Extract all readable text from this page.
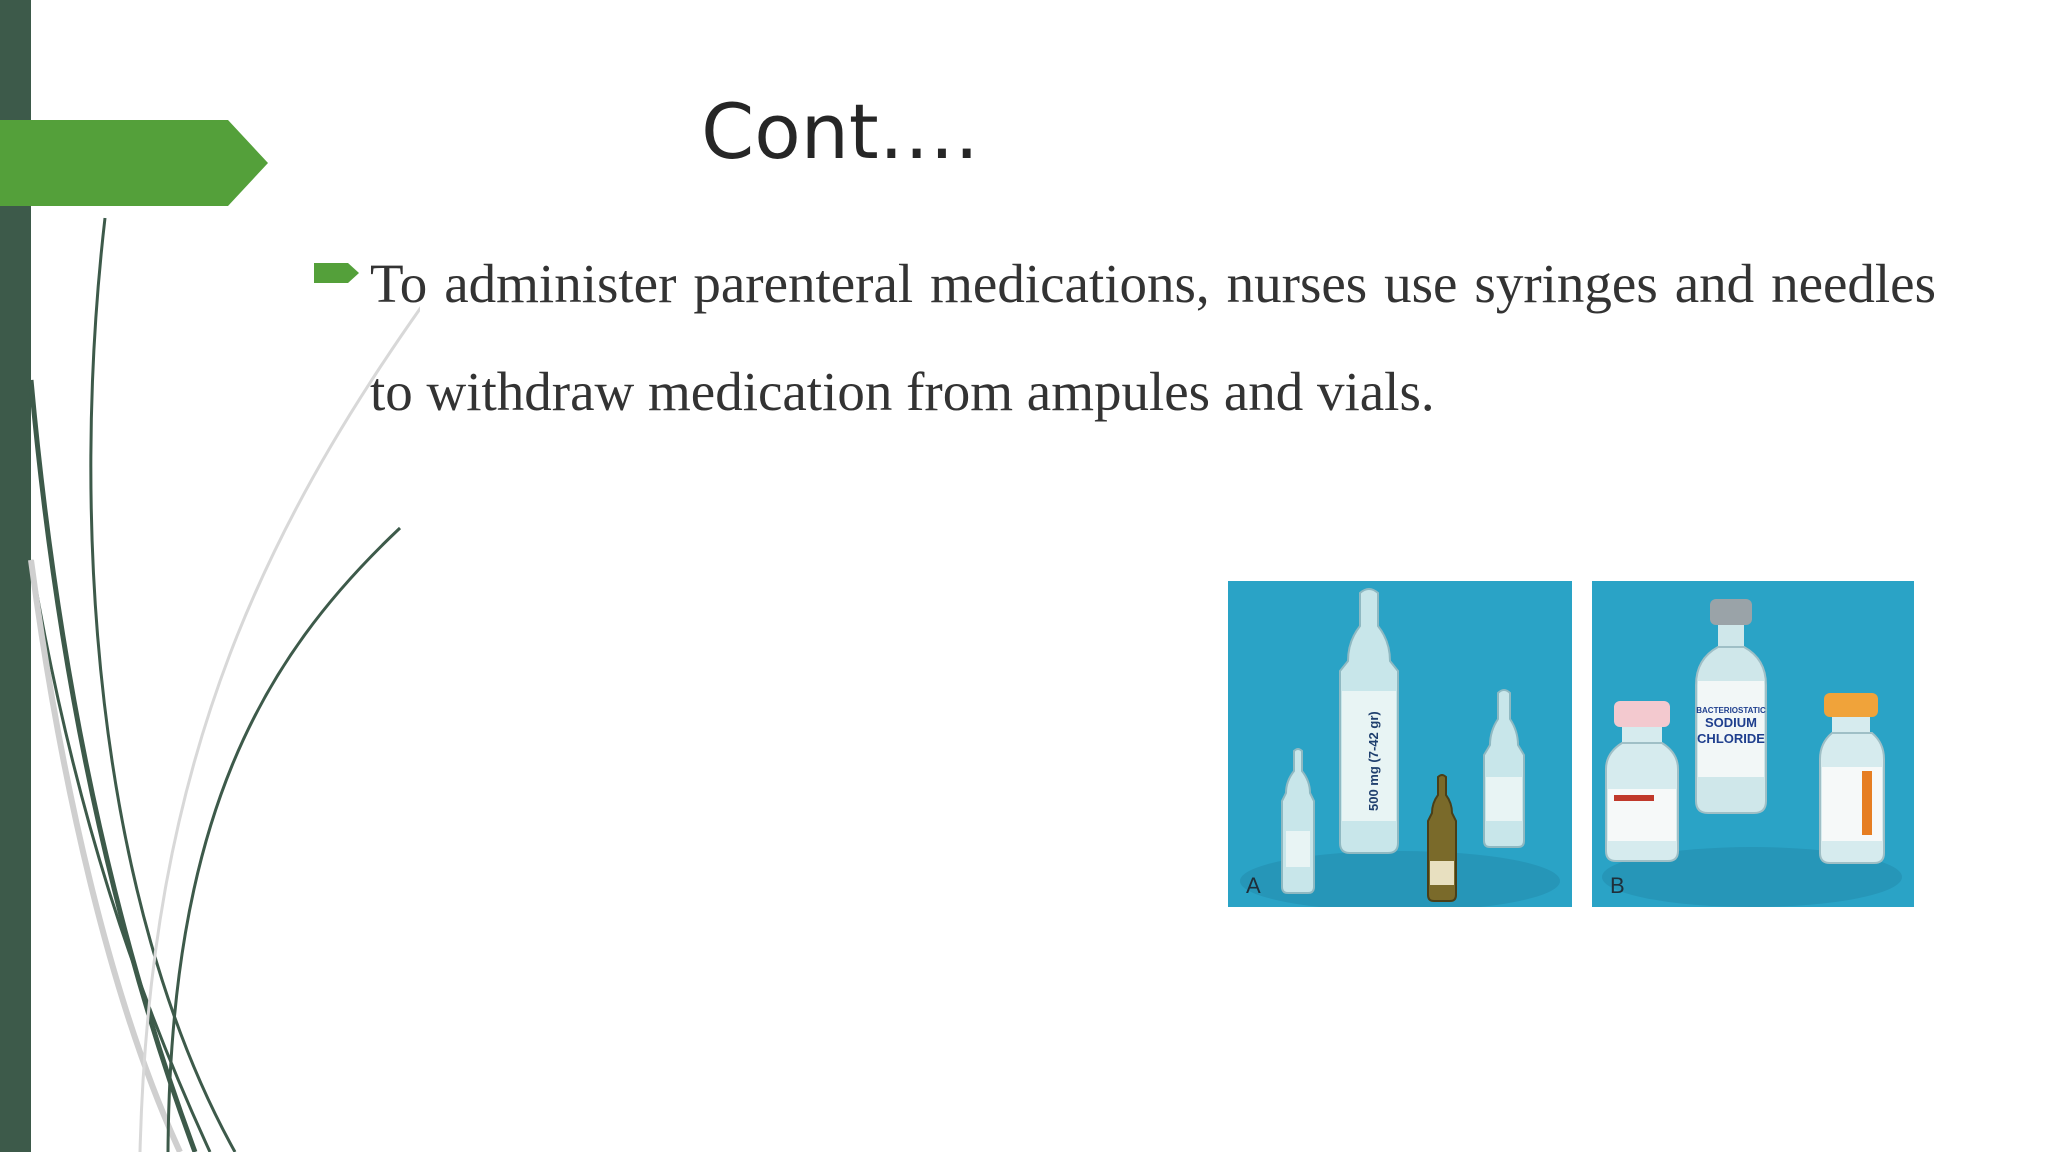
Cont….

To administer parenteral medications, nurses use syringes and needles to withdraw medication from ampules and vials.

500 mg (7-42 gr)
A
BACTERIOSTATIC
SODIUM
CHLORIDE
B
